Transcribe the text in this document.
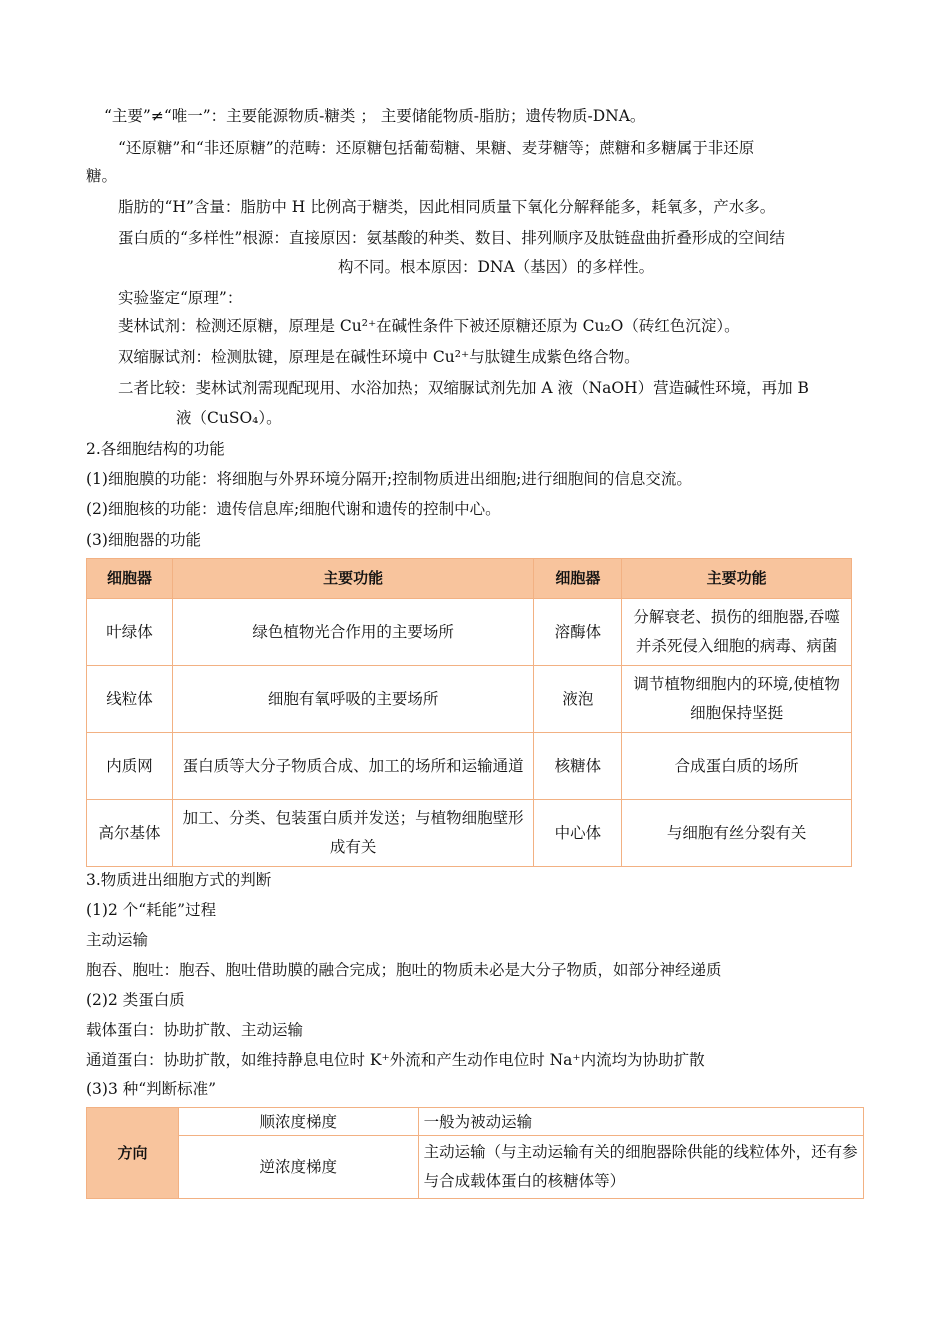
“主要”≠“唯一”：主要能源物质-糖类 ； 主要储能物质-脂肪；遗传物质-DNA。
“还原糖”和“非还原糖”的范畴：还原糖包括葡萄糖、果糖、麦芽糖等；蔗糖和多糖属于非还原
糖。
脂肪的“H”含量：脂肪中 H 比例高于糖类，因此相同质量下氧化分解释能多，耗氧多，产水多。
蛋白质的“多样性”根源：直接原因：氨基酸的种类、数目、排列顺序及肽链盘曲折叠形成的空间结
构不同。根本原因：DNA（基因）的多样性。
实验鉴定“原理”：
斐林试剂：检测还原糖，原理是 Cu²⁺在碱性条件下被还原糖还原为 Cu₂O（砖红色沉淀）。
双缩脲试剂：检测肽键，原理是在碱性环境中 Cu²⁺与肽键生成紫色络合物。
二者比较：斐林试剂需现配现用、水浴加热；双缩脲试剂先加 A 液（NaOH）营造碱性环境，再加 B
液（CuSO₄）。
2.各细胞结构的功能
(1)细胞膜的功能：将细胞与外界环境分隔开;控制物质进出细胞;进行细胞间的信息交流。
(2)细胞核的功能：遗传信息库;细胞代谢和遗传的控制中心。
(3)细胞器的功能
细胞器	主要功能	细胞器	主要功能
叶绿体	绿色植物光合作用的主要场所	溶酶体	分解衰老、损伤的细胞器,吞噬并杀死侵入细胞的病毒、病菌
线粒体	细胞有氧呼吸的主要场所	液泡	调节植物细胞内的环境,使植物细胞保持坚挺
内质网	蛋白质等大分子物质合成、加工的场所和运输通道	核糖体	合成蛋白质的场所
高尔基体	加工、分类、包装蛋白质并发送；与植物细胞壁形成有关	中心体	与细胞有丝分裂有关
3.物质进出细胞方式的判断
(1)2 个“耗能”过程
主动运输
胞吞、胞吐：胞吞、胞吐借助膜的融合完成；胞吐的物质未必是大分子物质，如部分神经递质
(2)2 类蛋白质
载体蛋白：协助扩散、主动运输
通道蛋白：协助扩散，如维持静息电位时 K⁺外流和产生动作电位时 Na⁺内流均为协助扩散
(3)3 种“判断标准”
方向	顺浓度梯度	一般为被动运输
	逆浓度梯度	主动运输（与主动运输有关的细胞器除供能的线粒体外，还有参与合成载体蛋白的核糖体等）
